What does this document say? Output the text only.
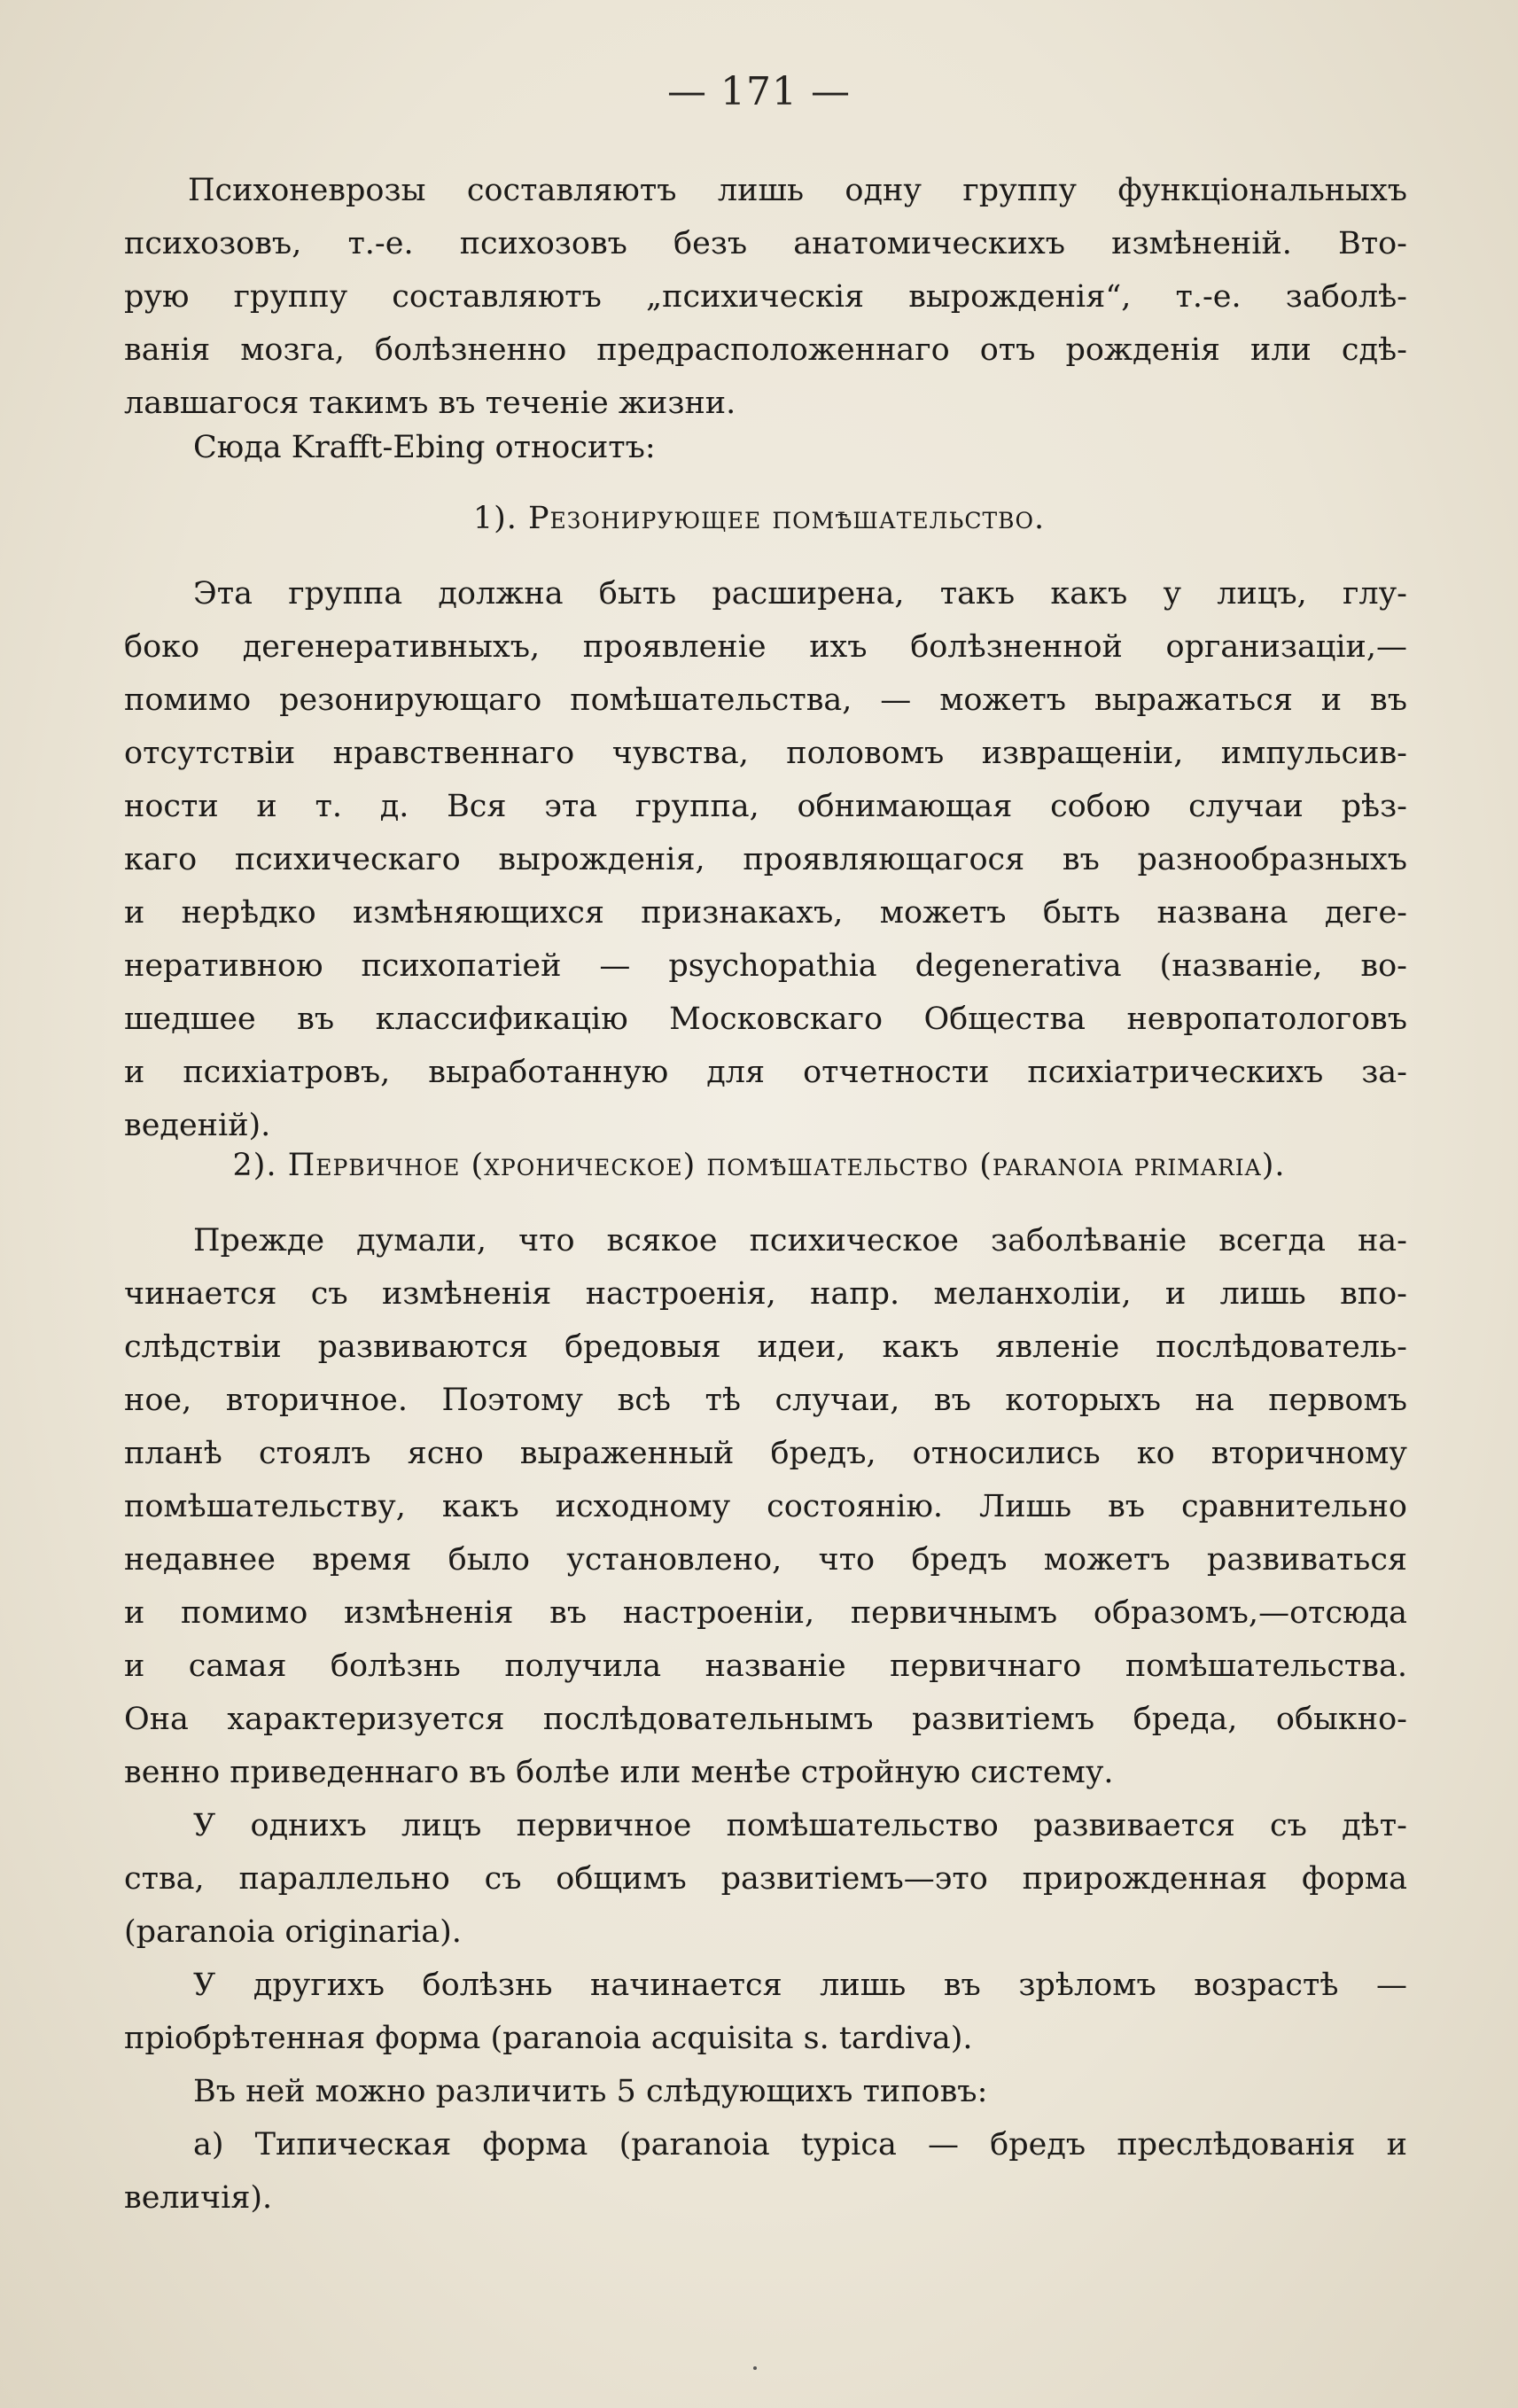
— 171 —
Психоневрозы составляютъ лишь одну группу функціональныхъ
психозовъ, т.-е. психозовъ безъ анатомическихъ измѣненій. Вто-
рую группу составляютъ „психическія вырожденія“, т.-е. заболѣ-
ванія мозга, болѣзненно предрасположеннаго отъ рожденія или сдѣ-
лавшагося такимъ въ теченіе жизни.
Сюда Krafft-Ebing относитъ:
1). Резонирующее помѣшательство.
Эта группа должна быть расширена, такъ какъ у лицъ, глу-
боко дегенеративныхъ, проявленіе ихъ болѣзненной организаціи,—
помимо резонирующаго помѣшательства, — можетъ выражаться и въ
отсутствіи нравственнаго чувства, половомъ извращеніи, импульсив-
ности и т. д. Вся эта группа, обнимающая собою случаи рѣз-
каго психическаго вырожденія, проявляющагося въ разнообразныхъ
и нерѣдко измѣняющихся признакахъ, можетъ быть названа деге-
неративною психопатіей — psychopathia degenerativa (названіе, во-
шедшее въ классификацію Московскаго Общества невропатологовъ
и психіатровъ, выработанную для отчетности психіатрическихъ за-
веденій).
2). Первичное (хроническое) помѣшательство (paranoia primaria).
Прежде думали, что всякое психическое заболѣваніе всегда на-
чинается съ измѣненія настроенія, напр. меланхоліи, и лишь впо-
слѣдствіи развиваются бредовыя идеи, какъ явленіе послѣдователь-
ное, вторичное. Поэтому всѣ тѣ случаи, въ которыхъ на первомъ
планѣ стоялъ ясно выраженный бредъ, относились ко вторичному
помѣшательству, какъ исходному состоянію. Лишь въ сравнительно
недавнее время было установлено, что бредъ можетъ развиваться
и помимо измѣненія въ настроеніи, первичнымъ образомъ,—отсюда
и самая болѣзнь получила названіе первичнаго помѣшательства.
Она характеризуется послѣдовательнымъ развитіемъ бреда, обыкно-
венно приведеннаго въ болѣе или менѣе стройную систему.
У однихъ лицъ первичное помѣшательство развивается съ дѣт-
ства, параллельно съ общимъ развитіемъ—это прирожденная форма
(paranoia originaria).
У другихъ болѣзнь начинается лишь въ зрѣломъ возрастѣ —
пріобрѣтенная форма (paranoia acquisita s. tardiva).
Въ ней можно различить 5 слѣдующихъ типовъ:
а) Типическая форма (paranoia typica — бредъ преслѣдованія и
величія).
